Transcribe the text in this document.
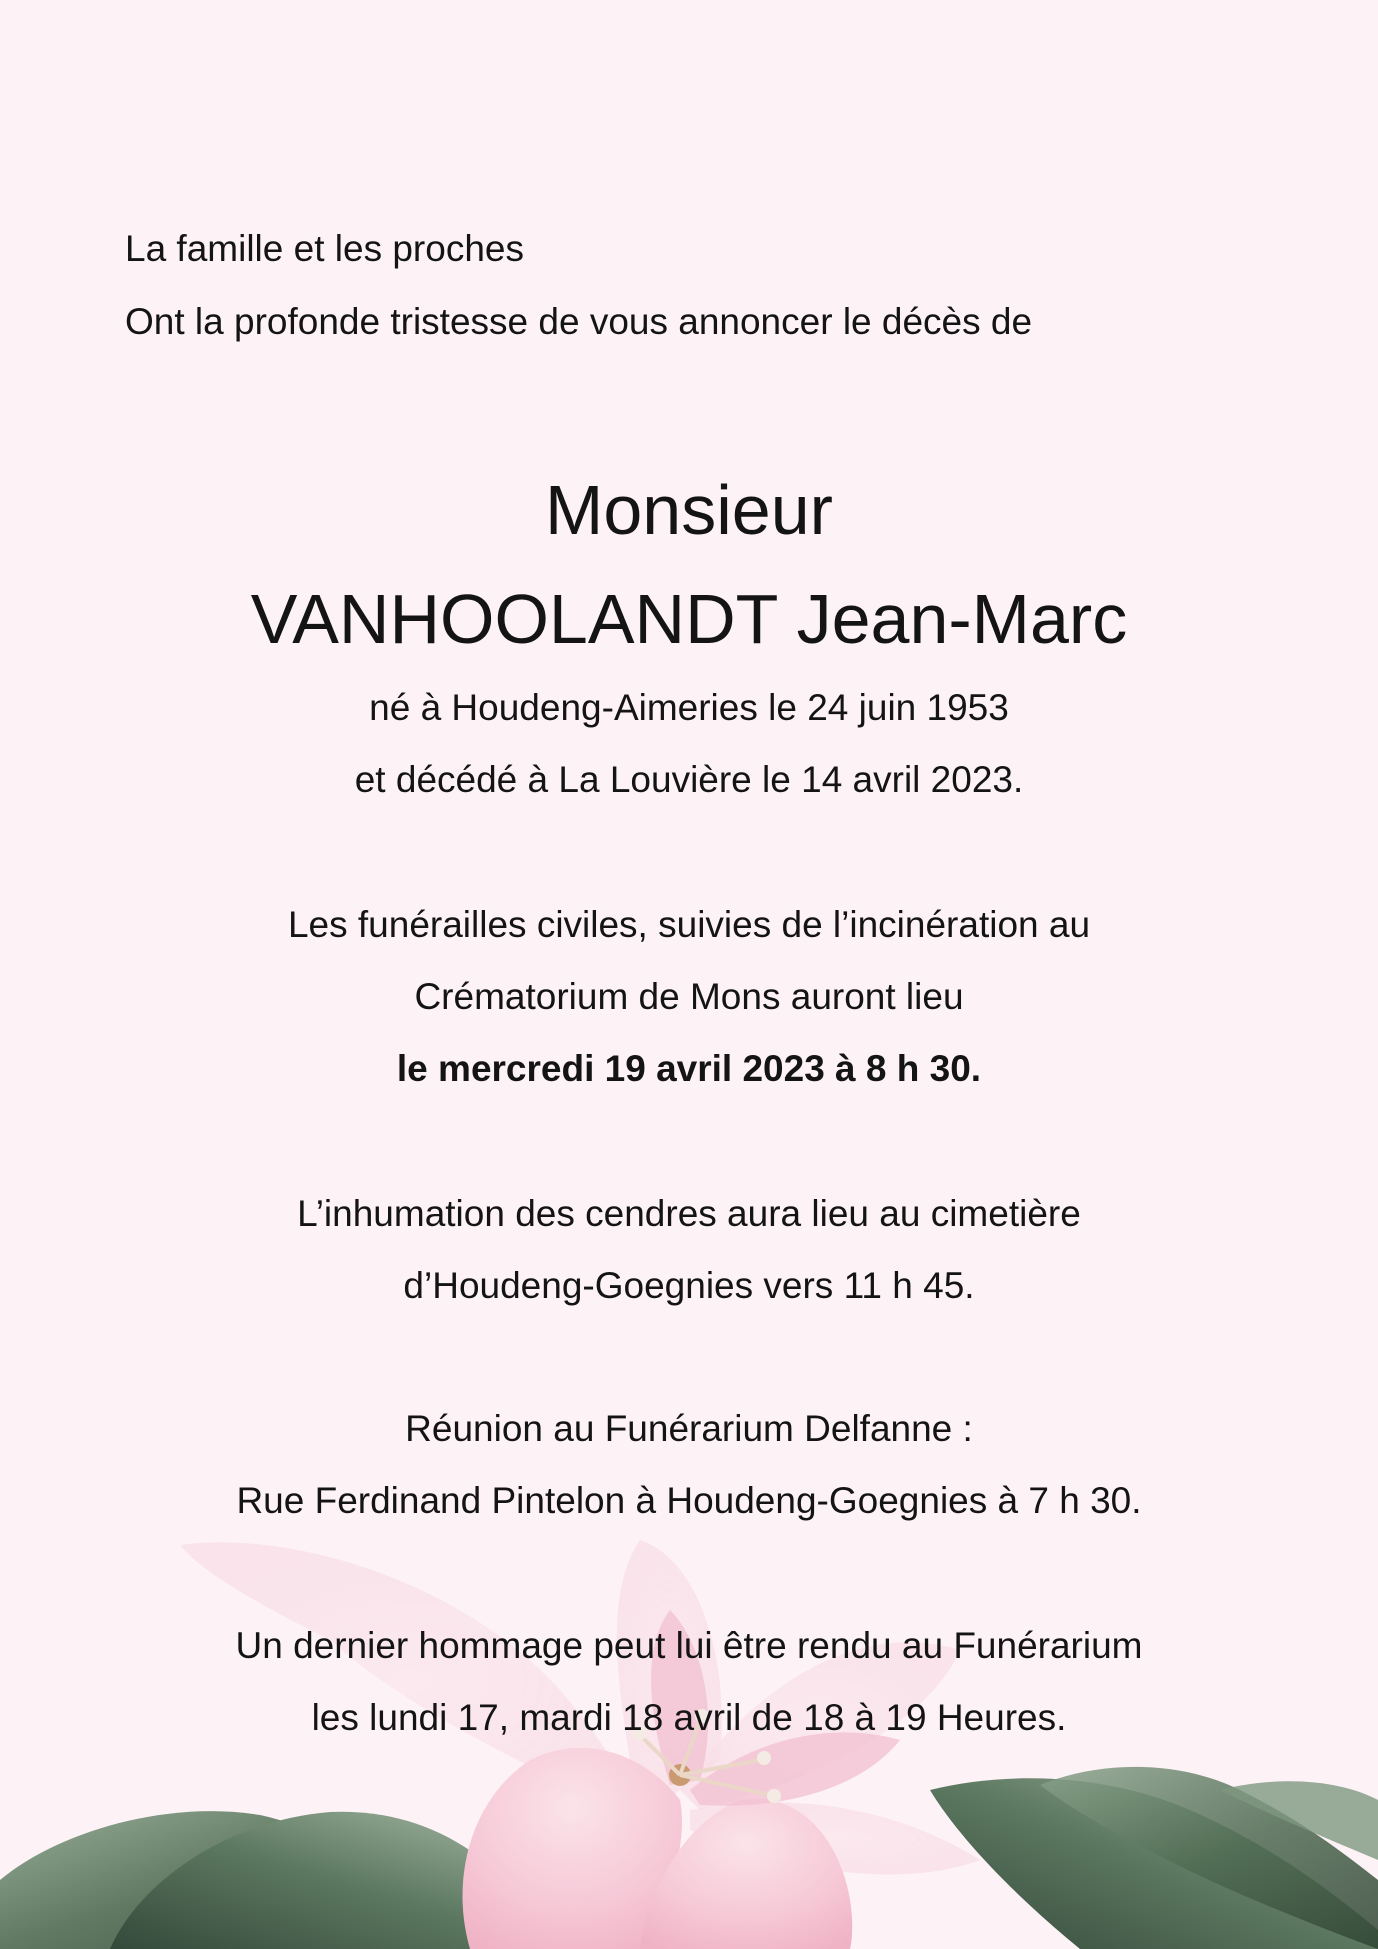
La famille et les proches

Ont la profonde tristesse de vous annoncer le décès de

Monsieur

VANHOOLANDT Jean-Marc

né à Houdeng-Aimeries le 24 juin 1953

et décédé à La Louvière le 14 avril 2023.

Les funérailles civiles, suivies de l’incinération au

Crématorium de Mons auront lieu

le mercredi 19 avril 2023 à 8 h 30.

L’inhumation des cendres aura lieu au cimetière

d’Houdeng-Goegnies vers 11 h 45.

Réunion au Funérarium Delfanne :

Rue Ferdinand Pintelon à Houdeng-Goegnies à 7 h 30.

Un dernier hommage peut lui être rendu au Funérarium

les lundi 17, mardi 18 avril de 18 à 19 Heures.
